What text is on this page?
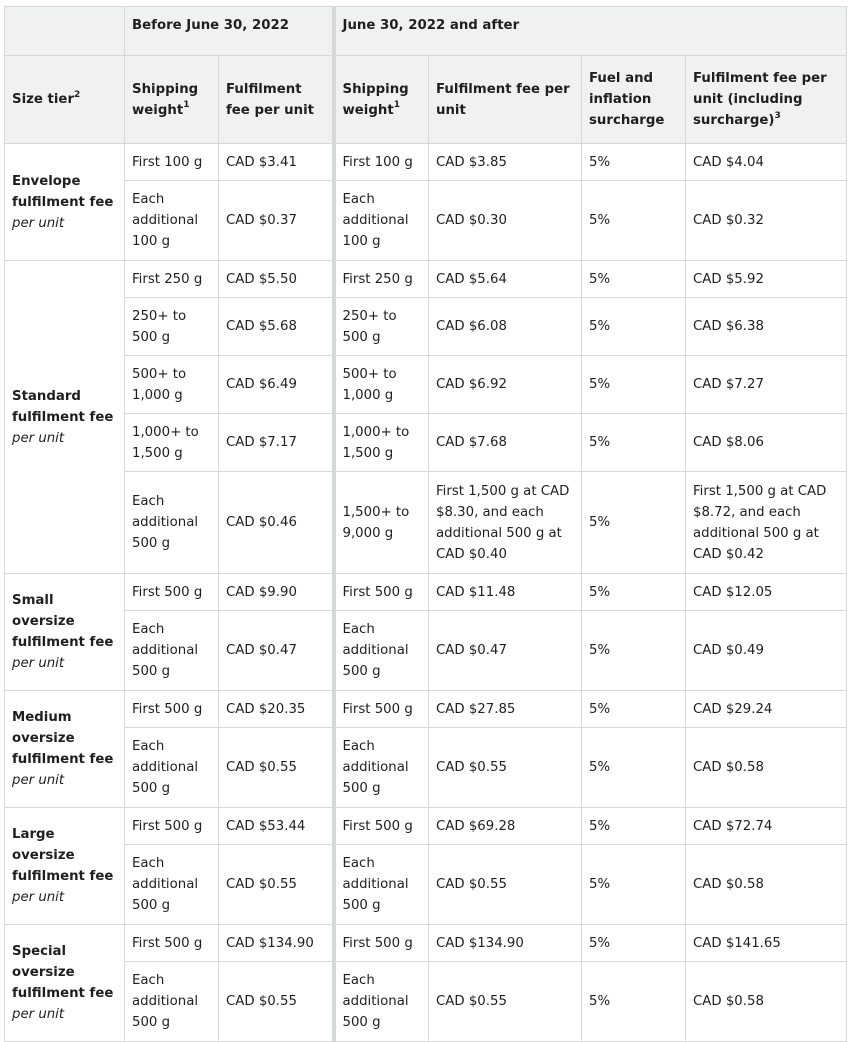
	Before June 30, 2022		June 30, 2022 and after			
Size tier$^2$	Shipping weight$^1$	Fulfilment fee per unit	Shipping weight$^1$	Fulfilment fee per unit	Fuel and inflation surcharge	Fulfilment fee per unit (including surcharge)$^3$

Envelope fulfilment fee
per unit	First 100 g	CAD $3.41	First 100 g	CAD $3.85	5%	CAD $4.04
	Each additional 100 g	CAD $0.37	Each additional 100 g	CAD $0.30	5%	CAD $0.32

Standard fulfilment fee
per unit	First 250 g	CAD $5.50	First 250 g	CAD $5.64	5%	CAD $5.92
	250+ to 500 g	CAD $5.68	250+ to 500 g	CAD $6.08	5%	CAD $6.38
	500+ to 1,000 g	CAD $6.49	500+ to 1,000 g	CAD $6.92	5%	CAD $7.27
	1,000+ to 1,500 g	CAD $7.17	1,000+ to 1,500 g	CAD $7.68	5%	CAD $8.06
	Each additional 500 g	CAD $0.46	1,500+ to 9,000 g	First 1,500 g at CAD $8.30, and each additional 500 g at CAD $0.40	5%	First 1,500 g at CAD $8.72, and each additional 500 g at CAD $0.42

Small oversize fulfilment fee
per unit	First 500 g	CAD $9.90	First 500 g	CAD $11.48	5%	CAD $12.05
	Each additional 500 g	CAD $0.47	Each additional 500 g	CAD $0.47	5%	CAD $0.49

Medium oversize fulfilment fee
per unit	First 500 g	CAD $20.35	First 500 g	CAD $27.85	5%	CAD $29.24
	Each additional 500 g	CAD $0.55	Each additional 500 g	CAD $0.55	5%	CAD $0.58

Large oversize fulfilment fee
per unit	First 500 g	CAD $53.44	First 500 g	CAD $69.28	5%	CAD $72.74
	Each additional 500 g	CAD $0.55	Each additional 500 g	CAD $0.55	5%	CAD $0.58

Special oversize fulfilment fee
per unit	First 500 g	CAD $134.90	First 500 g	CAD $134.90	5%	CAD $141.65
	Each additional 500 g	CAD $0.55	Each additional 500 g	CAD $0.55	5%	CAD $0.58
